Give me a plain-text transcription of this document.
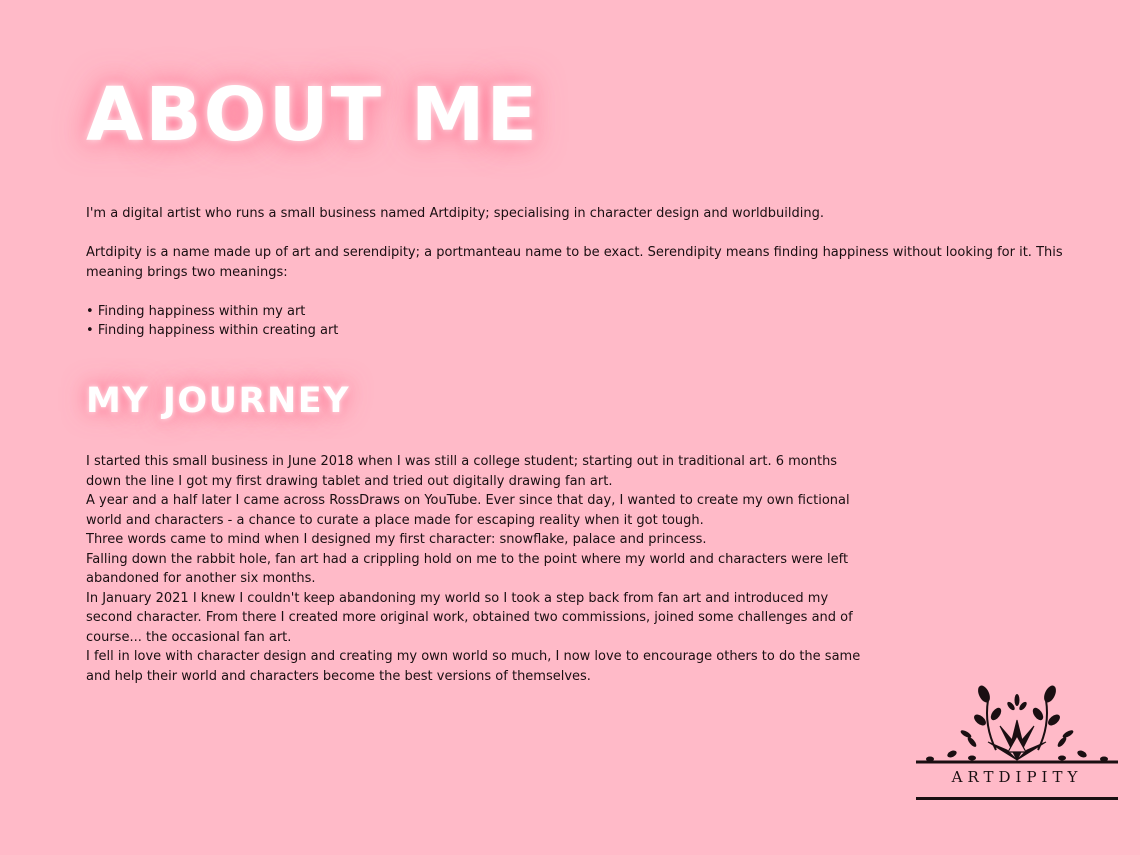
ABOUT ME

I'm a digital artist who runs a small business named Artdipity; specialising in character design and worldbuilding.

Artdipity is a name made up of art and serendipity; a portmanteau name to be exact. Serendipity means finding happiness without looking for it. This meaning brings two meanings:

• Finding happiness within my art
• Finding happiness within creating art
MY JOURNEY

I started this small business in June 2018 when I was still a college student; starting out in traditional art. 6 months down the line I got my first drawing tablet and tried out digitally drawing fan art.

A year and a half later I came across RossDraws on YouTube. Ever since that day, I wanted to create my own fictional world and characters - a chance to curate a place made for escaping reality when it got tough.

Three words came to mind when I designed my first character: snowflake, palace and princess.

Falling down the rabbit hole, fan art had a crippling hold on me to the point where my world and characters were left abandoned for another six months.

In January 2021 I knew I couldn't keep abandoning my world so I took a step back from fan art and introduced my second character. From there I created more original work, obtained two commissions, joined some challenges and of course... the occasional fan art.

I fell in love with character design and creating my own world so much, I now love to encourage others to do the same and help their world and characters become the best versions of themselves.

ARTDIPITY
